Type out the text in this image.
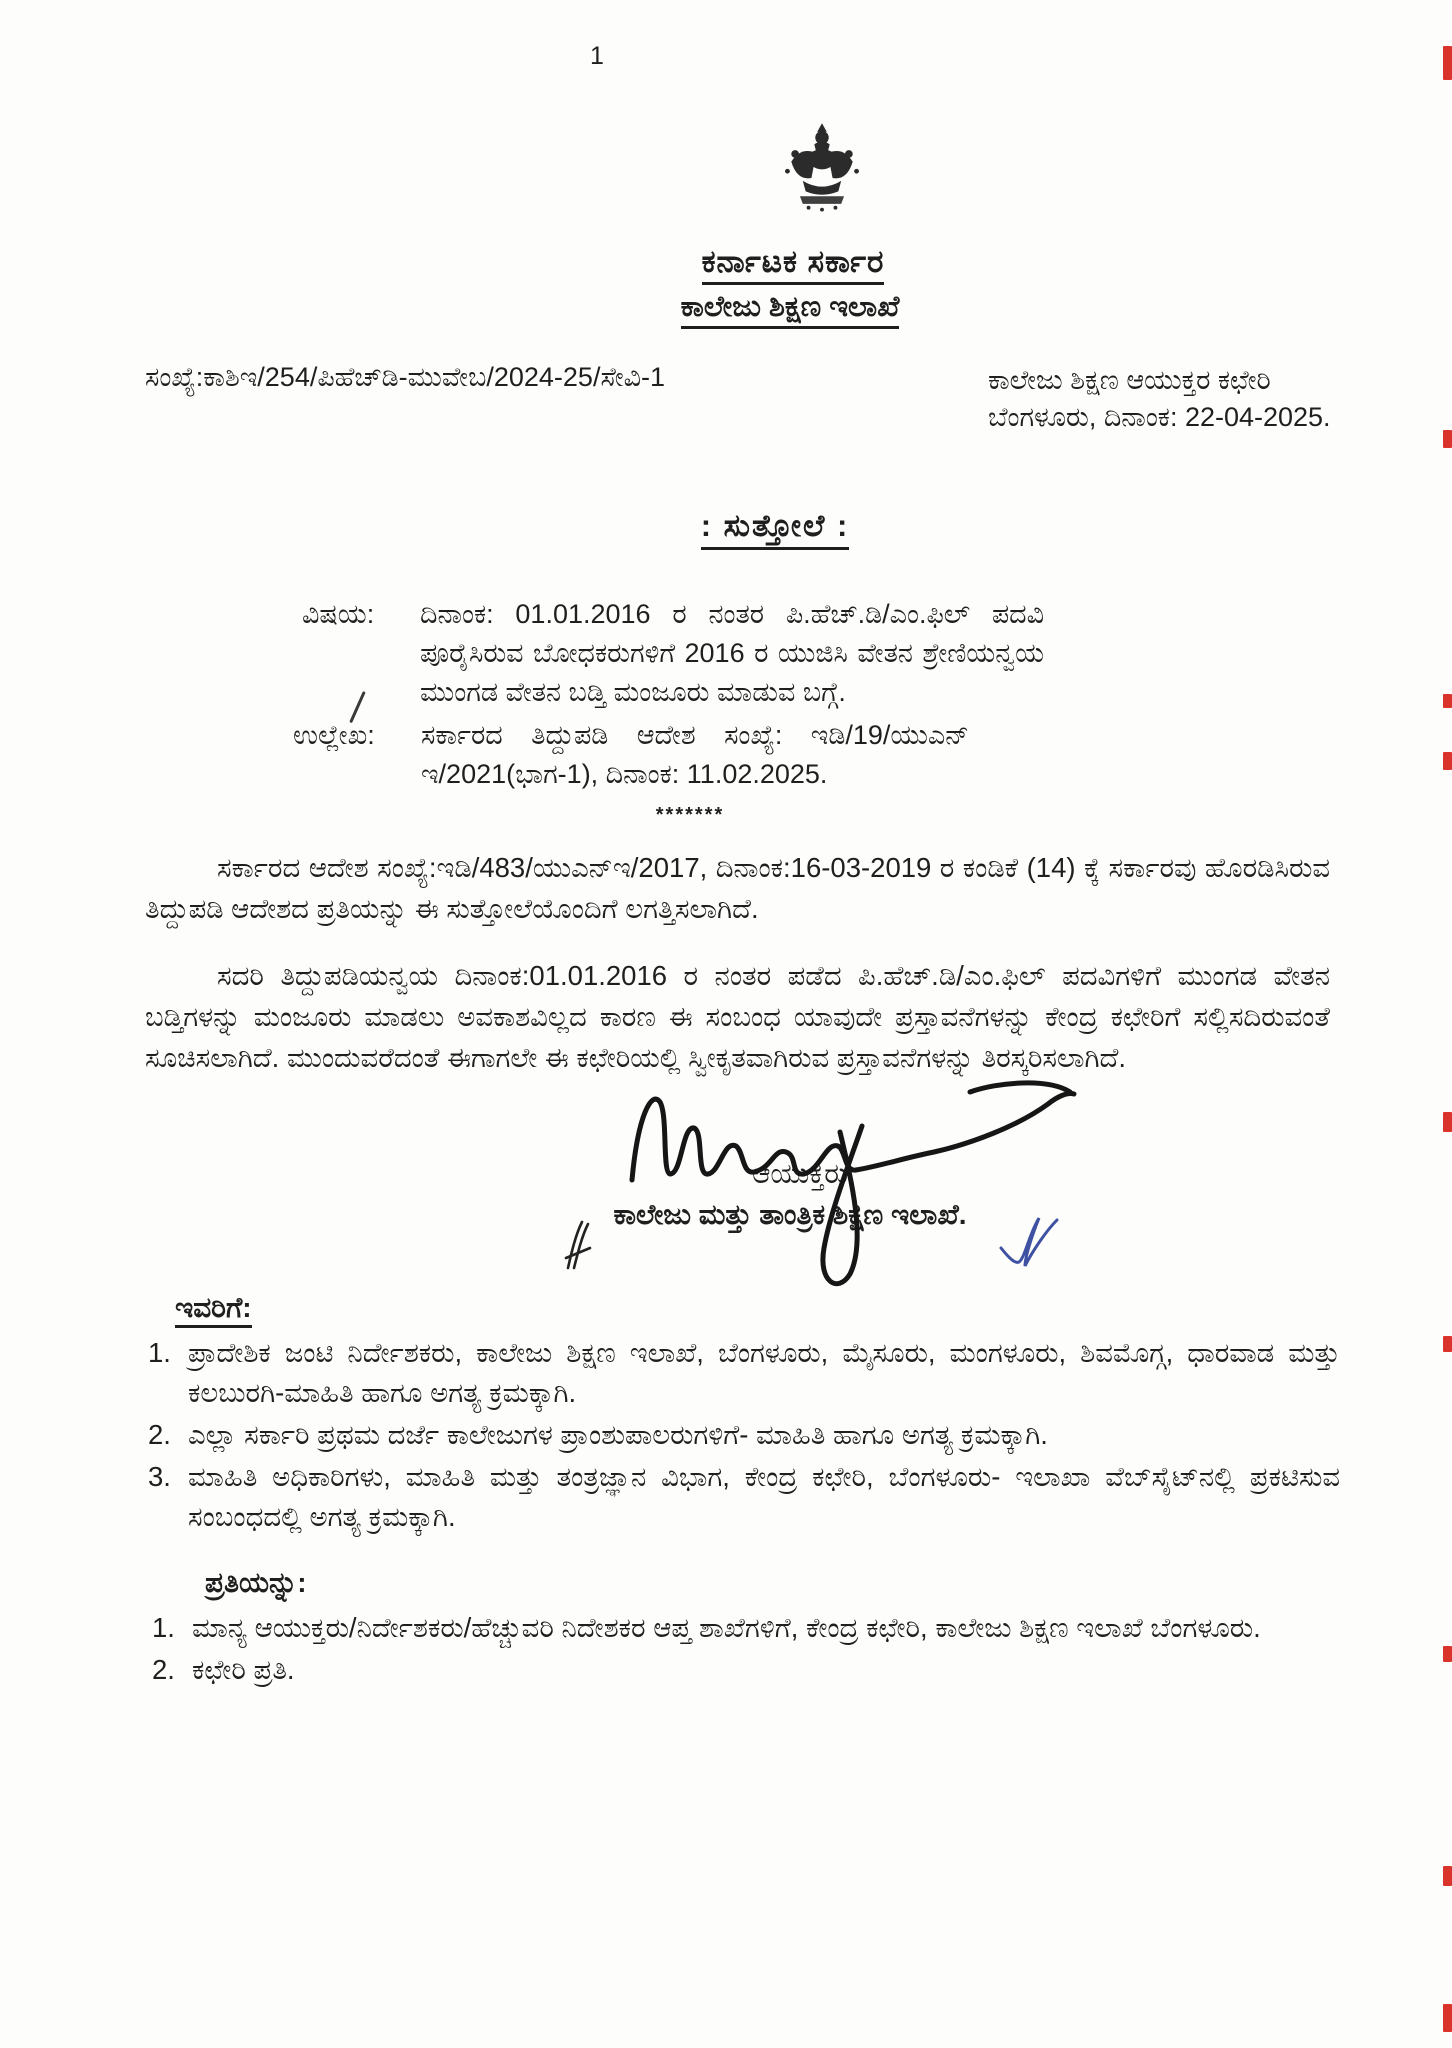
1
ಕರ್ನಾಟಕ ಸರ್ಕಾರ
ಕಾಲೇಜು ಶಿಕ್ಷಣ ಇಲಾಖೆ
ಸಂಖ್ಯೆ:ಕಾಶಿಇ/254/ಪಿಹೆಚ್‌ಡಿ-ಮುವೇಬ/2024-25/ಸೇವಿ-1	ಕಾಲೇಜು ಶಿಕ್ಷಣ ಆಯುಕ್ತರ ಕಛೇರಿ
ಬೆಂಗಳೂರು, ದಿನಾಂಕ: 22-04-2025.
: ಸುತ್ತೋಲೆ :
ವಿಷಯ:	ದಿನಾಂಕ: 01.01.2016 ರ ನಂತರ ಪಿ.ಹೆಚ್.ಡಿ/ಎಂ.ಫಿಲ್ ಪದವಿ ಪೂರೈಸಿರುವ ಬೋಧಕರುಗಳಿಗೆ 2016 ರ ಯುಜಿಸಿ ವೇತನ ಶ್ರೇಣಿಯನ್ವಯ ಮುಂಗಡ ವೇತನ ಬಡ್ತಿ ಮಂಜೂರು ಮಾಡುವ ಬಗ್ಗೆ.
ಉಲ್ಲೇಖ:	ಸರ್ಕಾರದ ತಿದ್ದುಪಡಿ ಆದೇಶ ಸಂಖ್ಯೆ: ಇಡಿ/19/ಯುಎನ್ ಇ/2021(ಭಾಗ-1), ದಿನಾಂಕ: 11.02.2025.
*******
ಸರ್ಕಾರದ ಆದೇಶ ಸಂಖ್ಯೆ:ಇಡಿ/483/ಯುಎನ್‌ಇ/2017, ದಿನಾಂಕ:16-03-2019 ರ ಕಂಡಿಕೆ (14) ಕ್ಕೆ ಸರ್ಕಾರವು ಹೊರಡಿಸಿರುವ ತಿದ್ದುಪಡಿ ಆದೇಶದ ಪ್ರತಿಯನ್ನು ಈ ಸುತ್ತೋಲೆಯೊಂದಿಗೆ ಲಗತ್ತಿಸಲಾಗಿದೆ.
ಸದರಿ ತಿದ್ದುಪಡಿಯನ್ವಯ ದಿನಾಂಕ:01.01.2016 ರ ನಂತರ ಪಡೆದ ಪಿ.ಹೆಚ್.ಡಿ/ಎಂ.ಫಿಲ್ ಪದವಿಗಳಿಗೆ ಮುಂಗಡ ವೇತನ ಬಡ್ತಿಗಳನ್ನು ಮಂಜೂರು ಮಾಡಲು ಅವಕಾಶವಿಲ್ಲದ ಕಾರಣ ಈ ಸಂಬಂಧ ಯಾವುದೇ ಪ್ರಸ್ತಾವನೆಗಳನ್ನು ಕೇಂದ್ರ ಕಛೇರಿಗೆ ಸಲ್ಲಿಸದಿರುವಂತೆ ಸೂಚಿಸಲಾಗಿದೆ. ಮುಂದುವರೆದಂತೆ ಈಗಾಗಲೇ ಈ ಕಛೇರಿಯಲ್ಲಿ ಸ್ವೀಕೃತವಾಗಿರುವ ಪ್ರಸ್ತಾವನೆಗಳನ್ನು ತಿರಸ್ಕರಿಸಲಾಗಿದೆ.
ಆಯುಕ್ತರು
ಕಾಲೇಜು ಮತ್ತು ತಾಂತ್ರಿಕ ಶಿಕ್ಷಣ ಇಲಾಖೆ.
ಇವರಿಗೆ:
1. ಪ್ರಾದೇಶಿಕ ಜಂಟಿ ನಿರ್ದೇಶಕರು, ಕಾಲೇಜು ಶಿಕ್ಷಣ ಇಲಾಖೆ, ಬೆಂಗಳೂರು, ಮೈಸೂರು, ಮಂಗಳೂರು, ಶಿವಮೊಗ್ಗ, ಧಾರವಾಡ ಮತ್ತು ಕಲಬುರಗಿ-ಮಾಹಿತಿ ಹಾಗೂ ಅಗತ್ಯ ಕ್ರಮಕ್ಕಾಗಿ.
2. ಎಲ್ಲಾ ಸರ್ಕಾರಿ ಪ್ರಥಮ ದರ್ಜೆ ಕಾಲೇಜುಗಳ ಪ್ರಾಂಶುಪಾಲರುಗಳಿಗೆ- ಮಾಹಿತಿ ಹಾಗೂ ಅಗತ್ಯ ಕ್ರಮಕ್ಕಾಗಿ.
3. ಮಾಹಿತಿ ಅಧಿಕಾರಿಗಳು, ಮಾಹಿತಿ ಮತ್ತು ತಂತ್ರಜ್ಞಾನ ವಿಭಾಗ, ಕೇಂದ್ರ ಕಛೇರಿ, ಬೆಂಗಳೂರು- ಇಲಾಖಾ ವೆಬ್‌ಸೈಟ್‌ನಲ್ಲಿ ಪ್ರಕಟಿಸುವ ಸಂಬಂಧದಲ್ಲಿ ಅಗತ್ಯ ಕ್ರಮಕ್ಕಾಗಿ.
ಪ್ರತಿಯನ್ನು:
1. ಮಾನ್ಯ ಆಯುಕ್ತರು/ನಿರ್ದೇಶಕರು/ಹೆಚ್ಚುವರಿ ನಿದೇಶಕರ ಆಪ್ತ ಶಾಖೆಗಳಿಗೆ, ಕೇಂದ್ರ ಕಛೇರಿ, ಕಾಲೇಜು ಶಿಕ್ಷಣ ಇಲಾಖೆ ಬೆಂಗಳೂರು.
2. ಕಛೇರಿ ಪ್ರತಿ.
